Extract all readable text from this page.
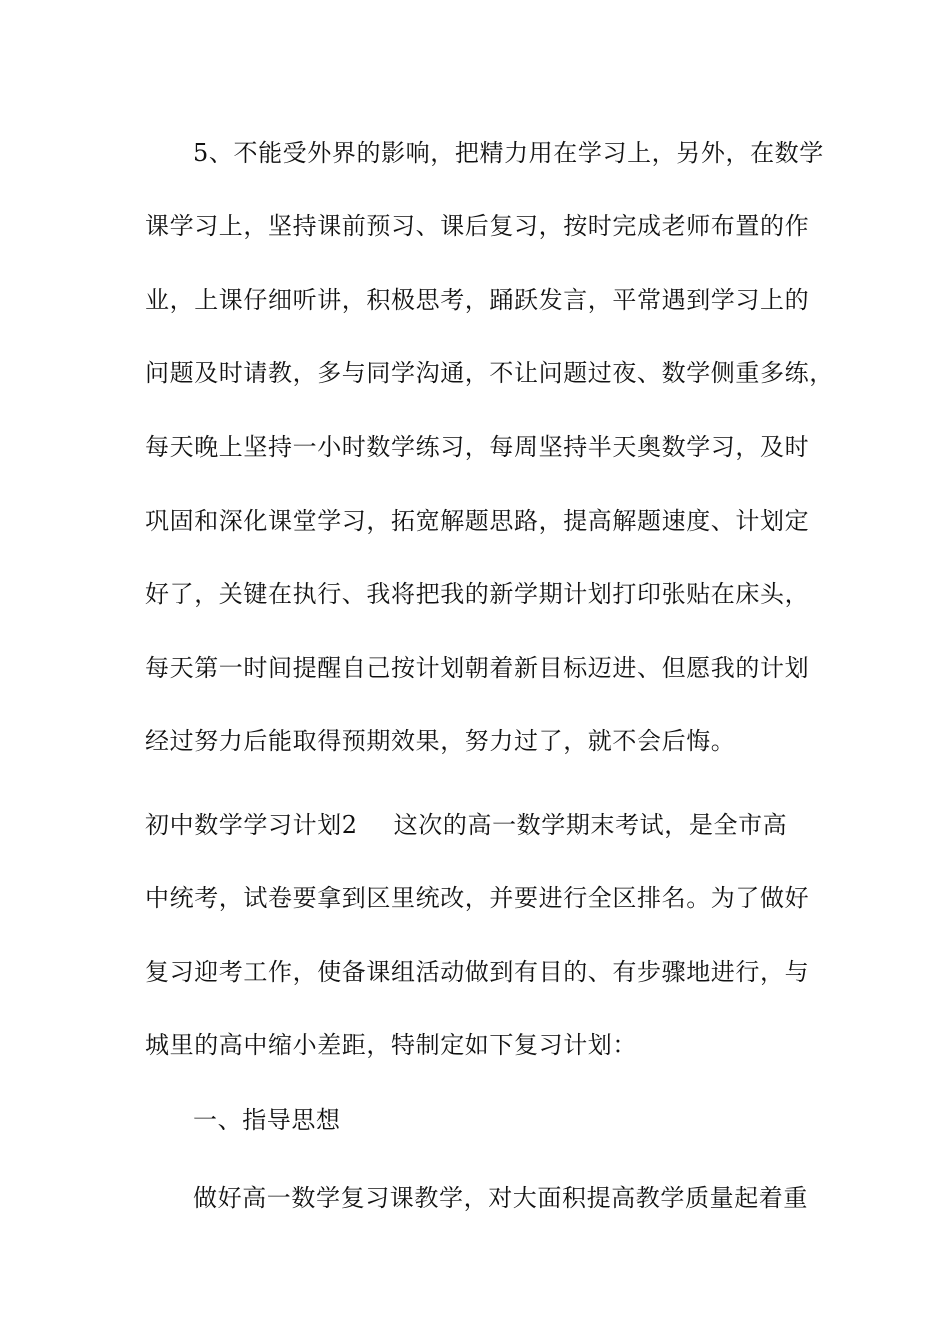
5、不能受外界的影响，把精力用在学习上，另外，在数学
课学习上，坚持课前预习、课后复习，按时完成老师布置的作
业，上课仔细听讲，积极思考，踊跃发言，平常遇到学习上的
问题及时请教，多与同学沟通，不让问题过夜、数学侧重多练，
每天晚上坚持一小时数学练习，每周坚持半天奥数学习，及时
巩固和深化课堂学习，拓宽解题思路，提高解题速度、计划定
好了，关键在执行、我将把我的新学期计划打印张贴在床头，
每天第一时间提醒自己按计划朝着新目标迈进、但愿我的计划
经过努力后能取得预期效果，努力过了，就不会后悔。
初中数学学习计划2 这次的高一数学期末考试，是全市高
中统考，试卷要拿到区里统改，并要进行全区排名。为了做好
复习迎考工作，使备课组活动做到有目的、有步骤地进行，与
城里的高中缩小差距，特制定如下复习计划：
一、指导思想
做好高一数学复习课教学，对大面积提高教学质量起着重
